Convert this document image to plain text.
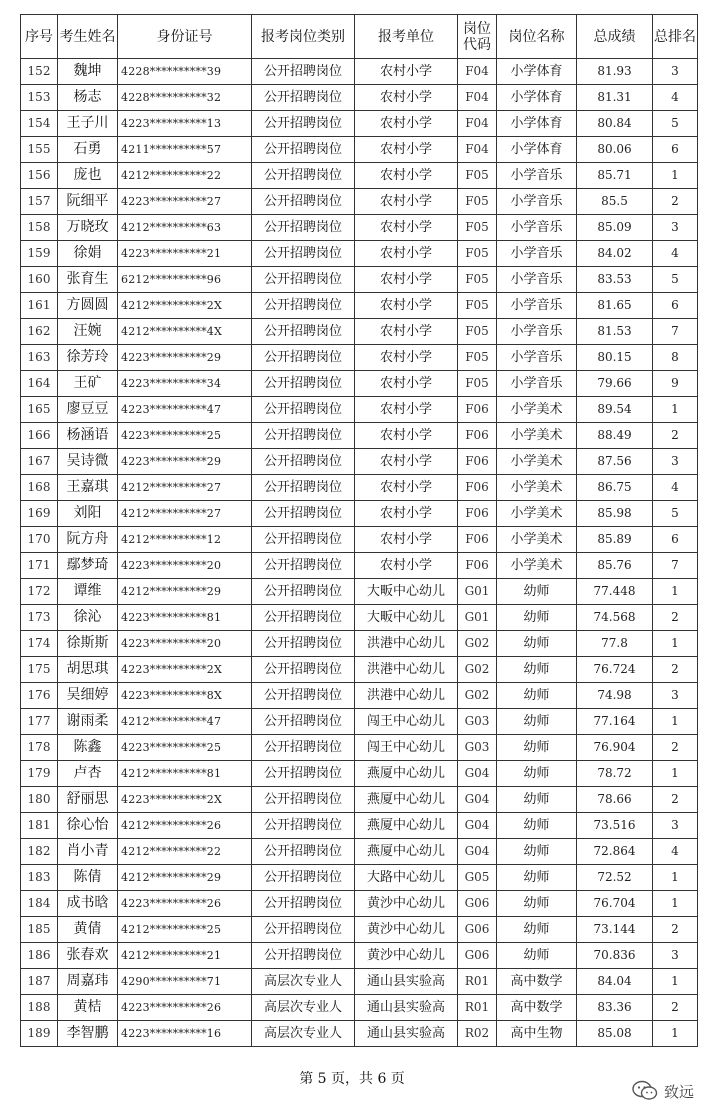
序号	考生姓名	身份证号	报考岗位类别	报考单位	岗位代码	岗位名称	总成绩	总排名
152	魏坤	4228**********39	公开招聘岗位	农村小学	F04	小学体育	81.93	3
153	杨志	4228**********32	公开招聘岗位	农村小学	F04	小学体育	81.31	4
154	王子川	4223**********13	公开招聘岗位	农村小学	F04	小学体育	80.84	5
155	石勇	4211**********57	公开招聘岗位	农村小学	F04	小学体育	80.06	6
156	庞也	4212**********22	公开招聘岗位	农村小学	F05	小学音乐	85.71	1
157	阮细平	4223**********27	公开招聘岗位	农村小学	F05	小学音乐	85.5	2
158	万晓玫	4212**********63	公开招聘岗位	农村小学	F05	小学音乐	85.09	3
159	徐娟	4223**********21	公开招聘岗位	农村小学	F05	小学音乐	84.02	4
160	张育生	6212**********96	公开招聘岗位	农村小学	F05	小学音乐	83.53	5
161	方圆圆	4212**********2X	公开招聘岗位	农村小学	F05	小学音乐	81.65	6
162	汪婉	4212**********4X	公开招聘岗位	农村小学	F05	小学音乐	81.53	7
163	徐芳玲	4223**********29	公开招聘岗位	农村小学	F05	小学音乐	80.15	8
164	王矿	4223**********34	公开招聘岗位	农村小学	F05	小学音乐	79.66	9
165	廖豆豆	4223**********47	公开招聘岗位	农村小学	F06	小学美术	89.54	1
166	杨涵语	4223**********25	公开招聘岗位	农村小学	F06	小学美术	88.49	2
167	吴诗微	4223**********29	公开招聘岗位	农村小学	F06	小学美术	87.56	3
168	王嘉琪	4212**********27	公开招聘岗位	农村小学	F06	小学美术	86.75	4
169	刘阳	4212**********27	公开招聘岗位	农村小学	F06	小学美术	85.98	5
170	阮方舟	4212**********12	公开招聘岗位	农村小学	F06	小学美术	85.89	6
171	鄢梦琦	4223**********20	公开招聘岗位	农村小学	F06	小学美术	85.76	7
172	谭维	4212**********29	公开招聘岗位	大畈中心幼儿	G01	幼师	77.448	1
173	徐沁	4223**********81	公开招聘岗位	大畈中心幼儿	G01	幼师	74.568	2
174	徐斯斯	4223**********20	公开招聘岗位	洪港中心幼儿	G02	幼师	77.8	1
175	胡思琪	4223**********2X	公开招聘岗位	洪港中心幼儿	G02	幼师	76.724	2
176	吴细婷	4223**********8X	公开招聘岗位	洪港中心幼儿	G02	幼师	74.98	3
177	谢雨柔	4212**********47	公开招聘岗位	闯王中心幼儿	G03	幼师	77.164	1
178	陈鑫	4223**********25	公开招聘岗位	闯王中心幼儿	G03	幼师	76.904	2
179	卢杏	4212**********81	公开招聘岗位	燕厦中心幼儿	G04	幼师	78.72	1
180	舒丽思	4223**********2X	公开招聘岗位	燕厦中心幼儿	G04	幼师	78.66	2
181	徐心怡	4212**********26	公开招聘岗位	燕厦中心幼儿	G04	幼师	73.516	3
182	肖小青	4212**********22	公开招聘岗位	燕厦中心幼儿	G04	幼师	72.864	4
183	陈倩	4212**********29	公开招聘岗位	大路中心幼儿	G05	幼师	72.52	1
184	成书晗	4223**********26	公开招聘岗位	黄沙中心幼儿	G06	幼师	76.704	1
185	黄倩	4212**********25	公开招聘岗位	黄沙中心幼儿	G06	幼师	73.144	2
186	张春欢	4212**********21	公开招聘岗位	黄沙中心幼儿	G06	幼师	70.836	3
187	周嘉玮	4290**********71	高层次专业人	通山县实验高	R01	高中数学	84.04	1
188	黄桔	4223**********26	高层次专业人	通山县实验高	R01	高中数学	83.36	2
189	李智鹏	4223**********16	高层次专业人	通山县实验高	R02	高中生物	85.08	1
第 5 页，共 6 页
致远
